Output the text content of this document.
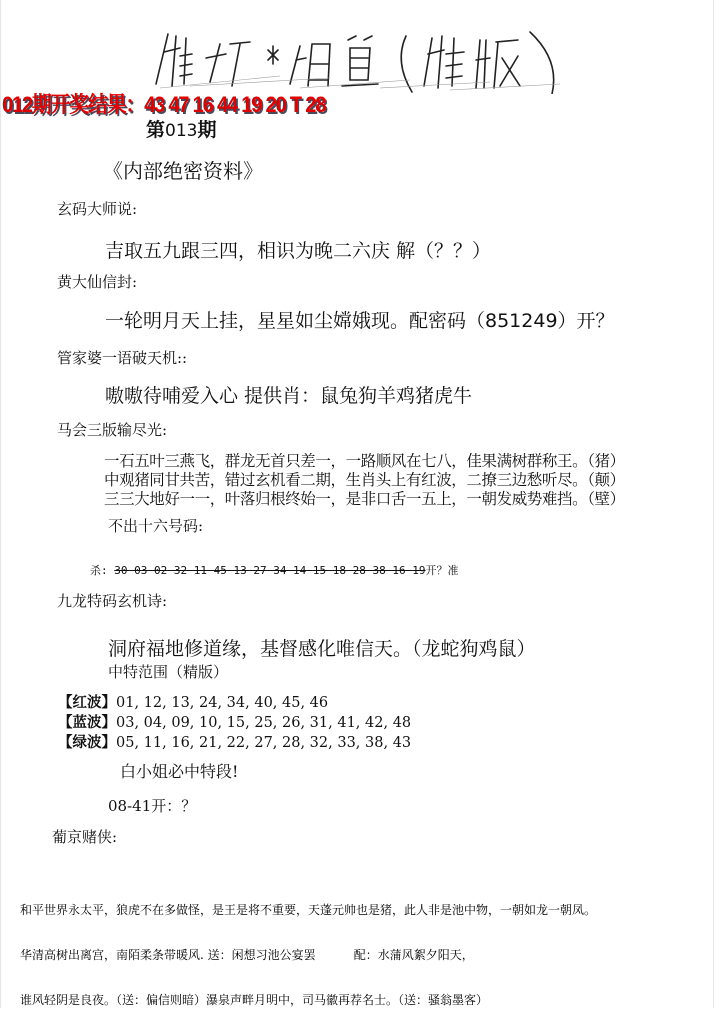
012期开奖结果：43 47 16 44 19 20 T 28
第013期
《内部绝密资料》
玄码大师说:
吉取五九跟三四，相识为晚二六庆 解（？？）
黄大仙信封:
一轮明月天上挂，星星如尘嫦娥现。配密码（851249）开？
管家婆一语破天机::
嗷嗷待哺爱入心 提供肖：鼠兔狗羊鸡猪虎牛
马会三版输尽光:
一石五叶三燕飞，群龙无首只差一，一路顺风在七八，佳果满树群称王。（猪）
中观猪同甘共苦，错过玄机看二期，生肖头上有红波，二撩三边愁听尽。（颠）
三三大地好一一，叶落归根终始一，是非口舌一五上，一朝发威势难挡。（壁）
不出十六号码:
杀: 30 03 02 32 11 45 13 27 34 14 15 18 28 38 16 19开？准
九龙特码玄机诗:
洞府福地修道缘，基督感化唯信天。（龙蛇狗鸡鼠）
中特范围（精版）
【红波】01, 12, 13, 24, 34, 40, 45, 46
【蓝波】03, 04, 09, 10, 15, 25, 26, 31, 41, 42, 48
【绿波】05, 11, 16, 21, 22, 27, 28, 32, 33, 38, 43
白小姐必中特段!
08-41开：？
葡京赌侠:

和平世界永太平，狼虎不在多做怪，是王是将不重要，天蓬元帅也是猪，此人非是池中物，一朝如龙一朝凤。

华清高树出离宫，南陌柔条带暖风. 送：闲想习池公宴罢          配：水蒲风絮夕阳天，

谁风轻阴是良夜。（送：偏信则暗）瀑泉声畔月明中，司马徽再荐名士。（送：骚翁墨客）
